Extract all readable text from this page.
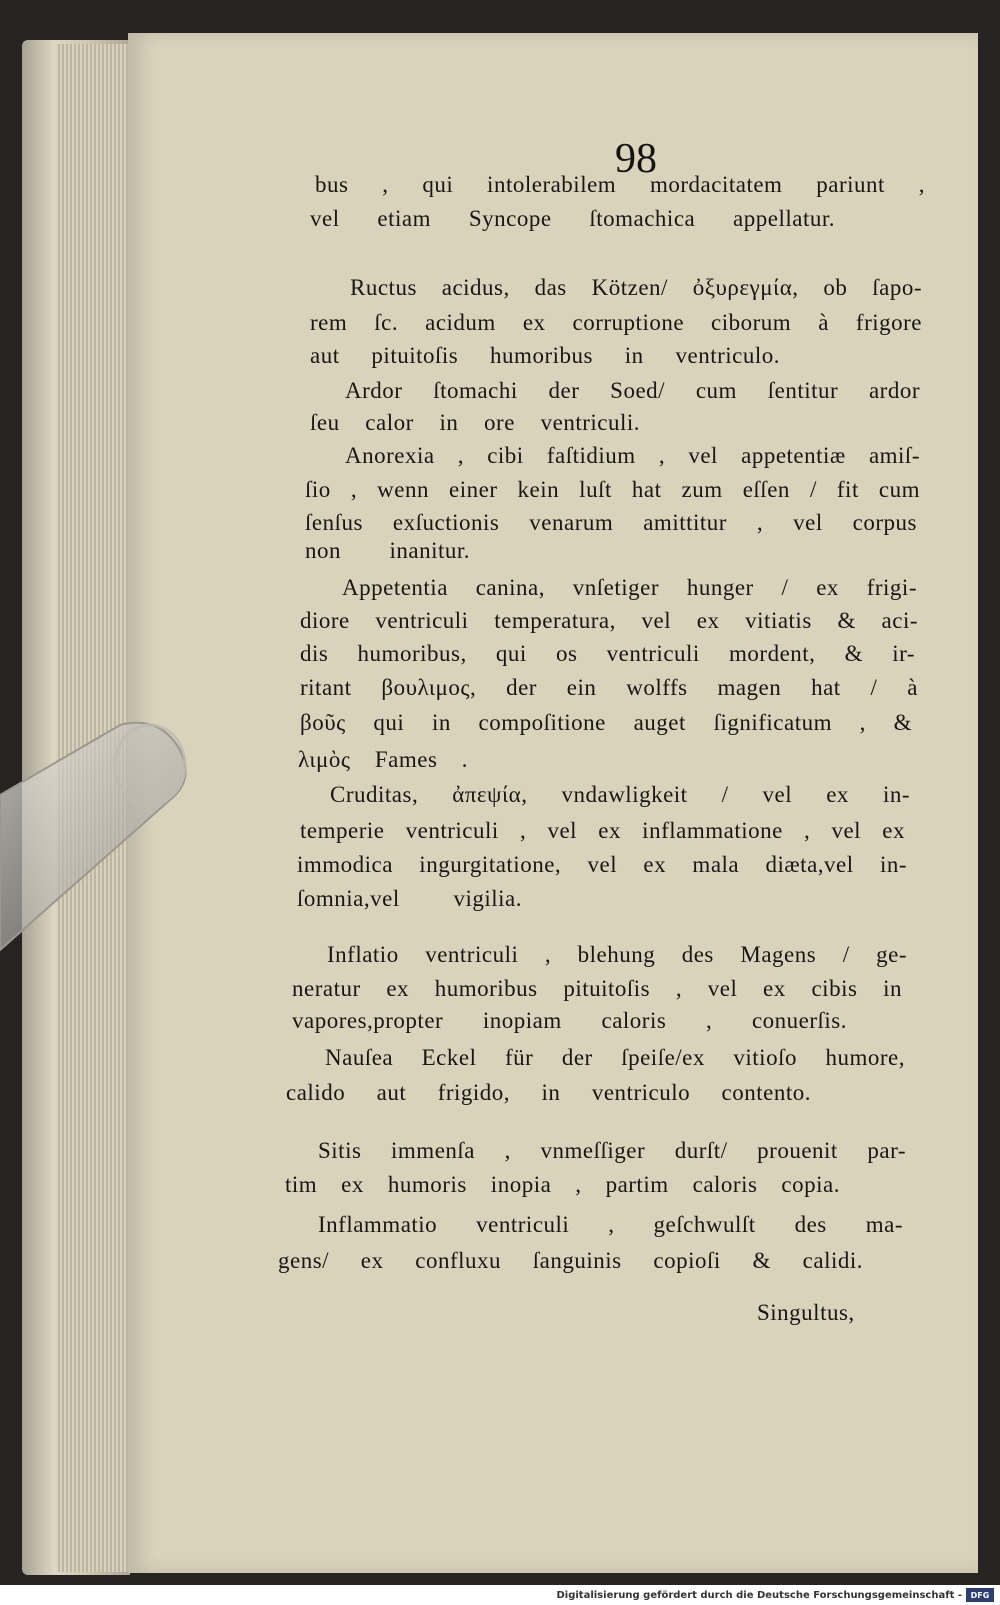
98
bus , qui intolerabilem mordacitatem pariunt ,
vel etiam Syncope ſtomachica appellatur.
Ructus acidus, das Kötzen/ ὀξυρεγμία, ob ſapo-
rem ſc. acidum ex corruptione ciborum à frigore
aut pituitoſis humoribus in ventriculo.
Ardor ſtomachi der Soed/ cum ſentitur ardor
ſeu calor in ore ventriculi.
Anorexia , cibi faſtidium , vel appetentiæ amiſ-
ſio , wenn einer kein luſt hat zum eſſen / fit cum
ſenſus exſuctionis venarum amittitur , vel corpus
non inanitur.
Appetentia canina, vnſetiger hunger / ex frigi-
diore ventriculi temperatura, vel ex vitiatis & aci-
dis humoribus, qui os ventriculi mordent, & ir-
ritant βουλιμος, der ein wolffs magen hat / à
βοῦς qui in compoſitione auget ſignificatum , &
λιμὸς Fames .
Cruditas, ἀπεψία, vndawligkeit / vel ex in-
temperie ventriculi , vel ex inflammatione , vel ex
immodica ingurgitatione, vel ex mala diæta,vel in-
ſomnia,vel vigilia.
Inflatio ventriculi , blehung des Magens / ge-
neratur ex humoribus pituitoſis , vel ex cibis in
vapores,propter inopiam caloris , conuerſis.
Nauſea Eckel für der ſpeiſe/ex vitioſo humore,
calido aut frigido, in ventriculo contento.
Sitis immenſa , vnmeſſiger durſt/ prouenit par-
tim ex humoris inopia , partim caloris copia.
Inflammatio ventriculi , geſchwulſt des ma-
gens/ ex confluxu ſanguinis copioſi & calidi.
Singultus,
Digitalisierung gefördert durch die Deutsche Forschungsgemeinschaft -	DFG
